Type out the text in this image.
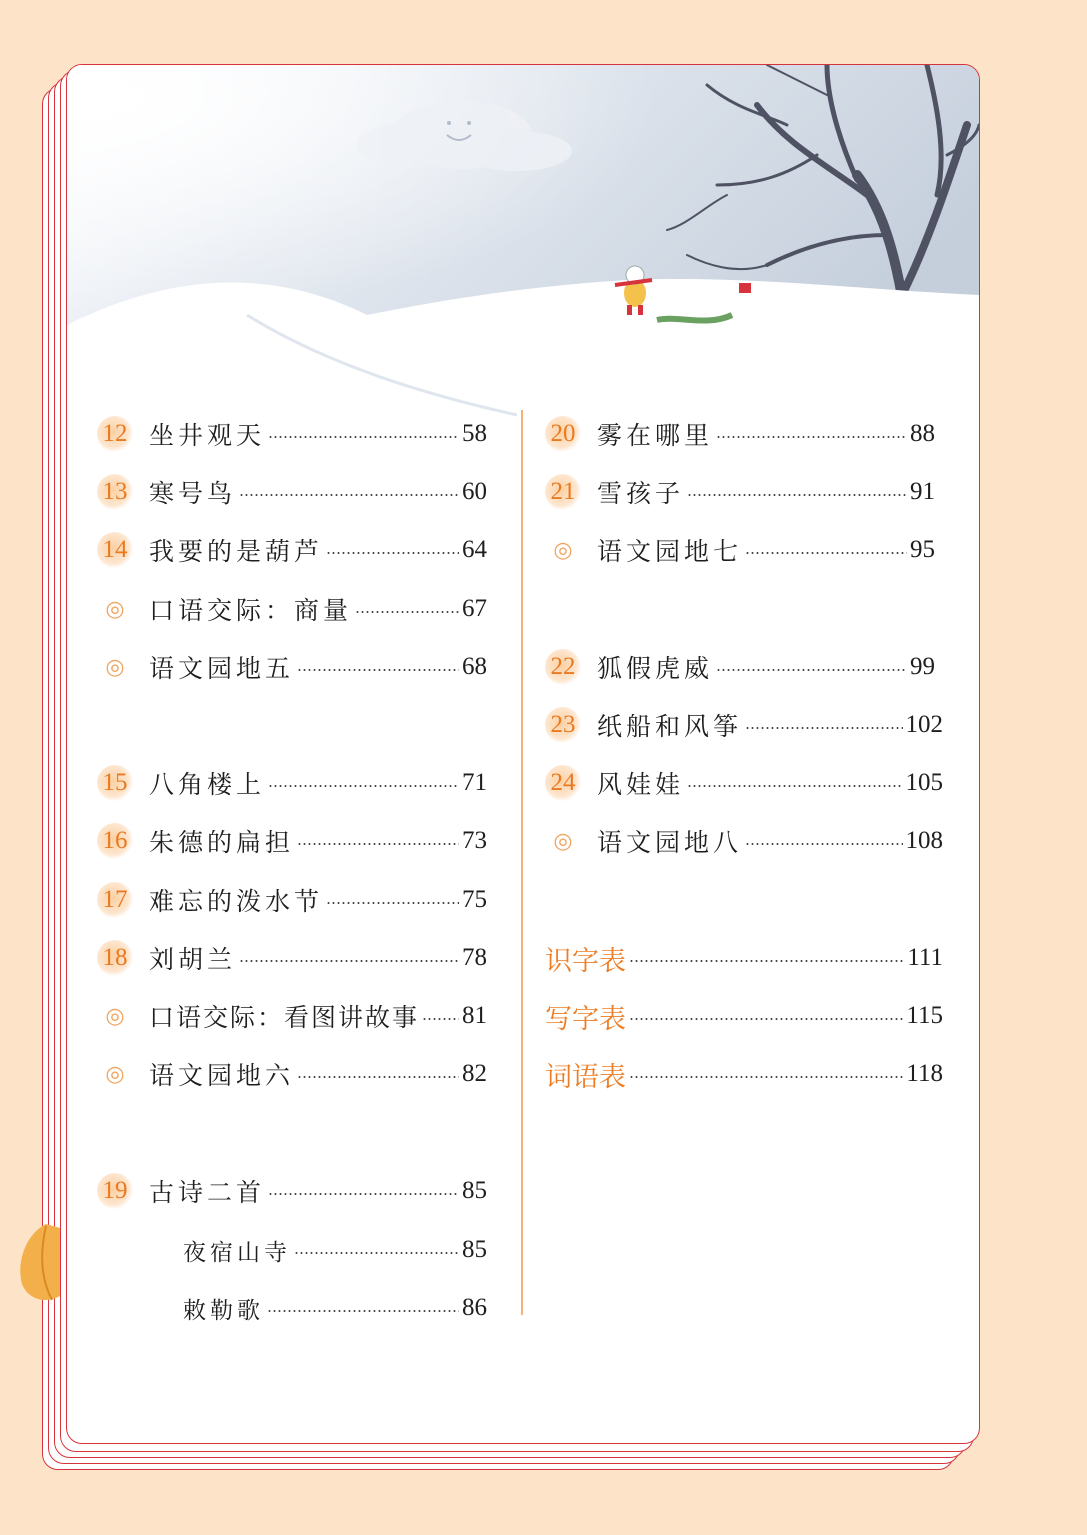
12 坐井观天	58
13 寒号鸟	60
14 我要的是葫芦	64
◎ 口语交际：商量	67
◎ 语文园地五	68
15 八角楼上	71
16 朱德的扁担	73
17 难忘的泼水节	75
18 刘胡兰	78
◎ 口语交际：看图讲故事 81
◎ 语文园地六	82
19 古诗二首	85
夜宿山寺	85
敕勒歌	86
20 雾在哪里	88
21 雪孩子	91
◎ 语文园地七	95
22 狐假虎威	99
23 纸船和风筝	102
24 风娃娃	105
◎ 语文园地八	108
识字表	111
写字表	115
词语表	118
